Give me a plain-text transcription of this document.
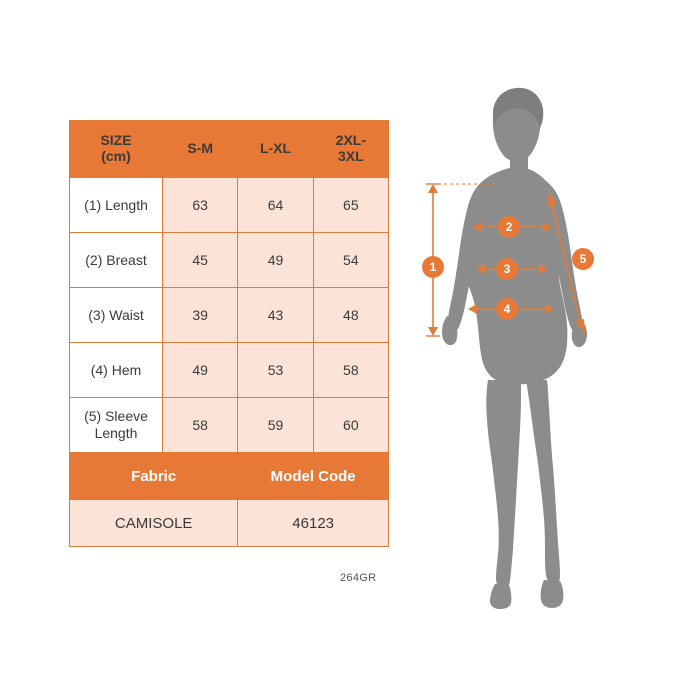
SIZE
(cm)	S-M	L-XL	2XL-
3XL

(1) Length	63	64	65
(2) Breast	45	49	54
(3) Waist	39	43	48
(4) Hem	49	53	58

(5) Sleeve
Length	58	59	60
Fabric		Model Code	
CAMISOLE		46123	
264GR
1
2
3
4
5
